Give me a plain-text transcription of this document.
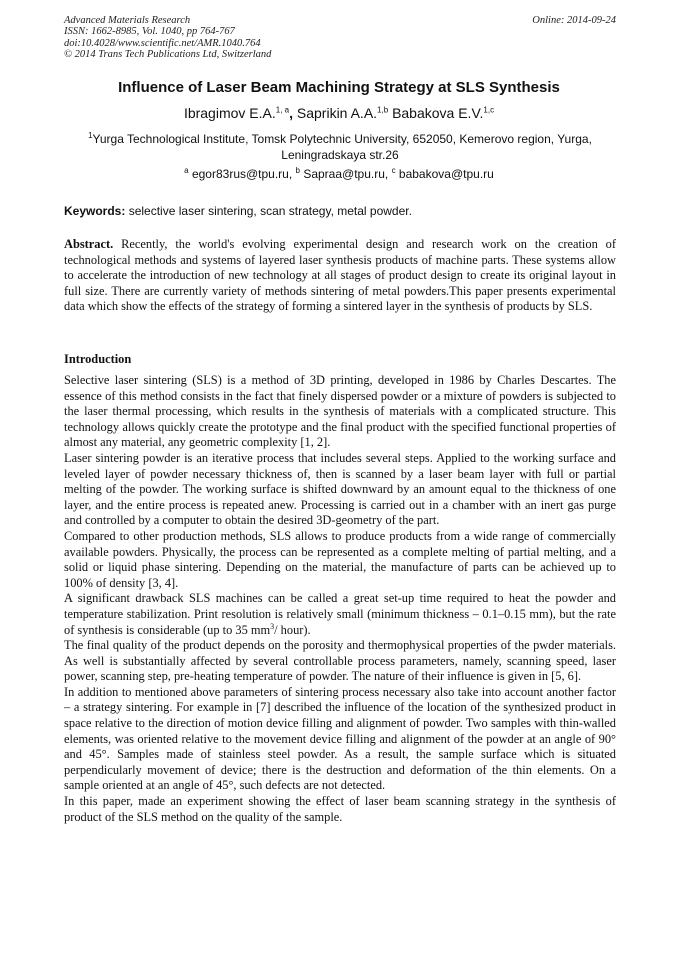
Advanced Materials Research
ISSN: 1662-8985, Vol. 1040, pp 764-767
doi:10.4028/www.scientific.net/AMR.1040.764
© 2014 Trans Tech Publications Ltd, Switzerland
Online: 2014-09-24
Influence of Laser Beam Machining Strategy at SLS Synthesis
Ibragimov E.A.$^{1, a}$, Saprikin A.A.$^{1,b}$ Babakova E.V.$^{1,c}$
$^1$Yurga Technological Institute, Tomsk Polytechnic University, 652050, Kemerovo region, Yurga, Leningradskaya str.26
$^a$ egor83rus@tpu.ru, $^b$ Sapraa@tpu.ru, $^c$ babakova@tpu.ru
Keywords: selective laser sintering, scan strategy, metal powder.
Abstract. Recently, the world's evolving experimental design and research work on the creation of technological methods and systems of layered laser synthesis products of machine parts. These systems allow to accelerate the introduction of new technology at all stages of product design to create its original layout in full size. There are currently variety of methods sintering of metal powders.This paper presents experimental data which show the effects of the strategy of forming a sintered layer in the synthesis of products by SLS.
Introduction

Selective laser sintering (SLS) is a method of 3D printing, developed in 1986 by Charles Descartes. The essence of this method consists in the fact that finely dispersed powder or a mixture of powders is subjected to the laser thermal processing, which results in the synthesis of materials with a complicated structure. This technology allows quickly create the prototype and the final product with the specified functional properties of almost any material, any geometric complexity [1, 2].

Laser sintering powder is an iterative process that includes several steps. Applied to the working surface and leveled layer of powder necessary thickness of, then is scanned by a laser beam layer with full or partial melting of the powder. The working surface is shifted downward by an amount equal to the thickness of one layer, and the entire process is repeated anew. Processing is carried out in a chamber with an inert gas purge and controlled by a computer to obtain the desired 3D-geometry of the part.

Compared to other production methods, SLS allows to produce products from a wide range of commercially available powders. Physically, the process can be represented as a complete melting of partial melting, and a solid or liquid phase sintering. Depending on the material, the manufacture of parts can be achieved up to 100% of density [3, 4].

A significant drawback SLS machines can be called a great set-up time required to heat the powder and temperature stabilization. Print resolution is relatively small (minimum thickness – 0.1–0.15 mm), but the rate of synthesis is considerable (up to 35 $mm^3/$ hour).

The final quality of the product depends on the porosity and thermophysical properties of the pwder materials. As well is substantially affected by several controllable process parameters, namely, scanning speed, laser power, scanning step, pre-heating temperature of powder. The nature of their influence is given in [5, 6].

In addition to mentioned above parameters of sintering process necessary also take into account another factor – a strategy sintering. For example in [7] described the influence of the location of the synthesized product in space relative to the direction of motion device filling and alignment of powder. Two samples with thin-walled elements, was oriented relative to the movement device filling and alignment of the powder at an angle of 90° and 45°. Samples made of stainless steel powder. As a result, the sample surface which is situated perpendicularly movement of device; there is the destruction and deformation of the thin elements. On a sample oriented at an angle of 45°, such defects are not detected.

In this paper, made an experiment showing the effect of laser beam scanning strategy in the synthesis of product of the SLS method on the quality of the sample.
